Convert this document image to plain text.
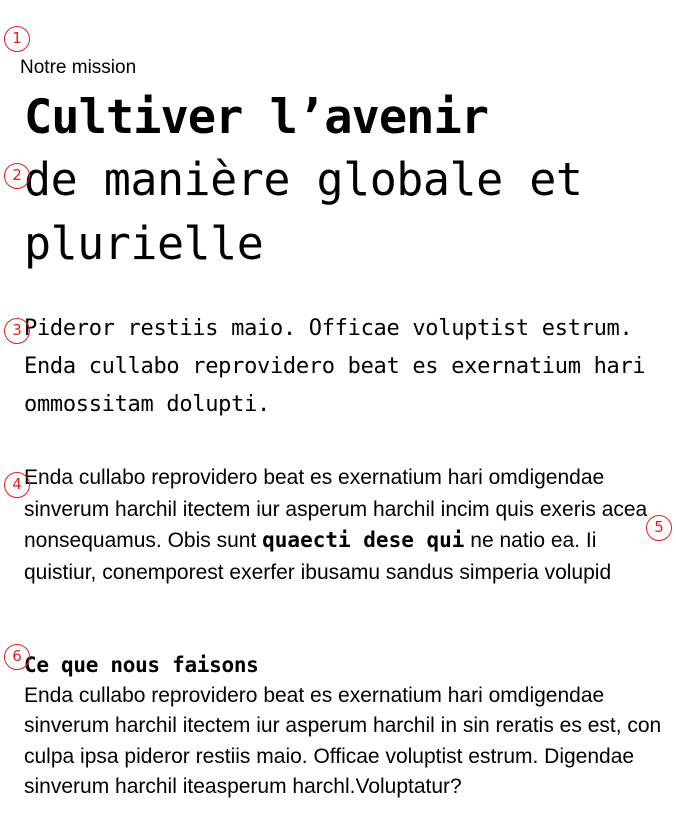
1
2
3
4
5
6

Notre mission

Cultiver l’avenir
de manière globale et plurielle

Pideror restiis maio. Officae voluptist estrum. Enda cullabo reprovidero beat es exernatium hari ommossitam dolupti.

Enda cullabo reprovidero beat es exernatium hari omdigendae sinverum harchil itectem iur asperum harchil incim quis exeris acea nonsequamus. Obis sunt quaecti dese qui ne natio ea. Ii quistiur, conemporest exerfer ibusamu sandus simperia volupid

Ce que nous faisons

Enda cullabo reprovidero beat es exernatium hari omdigendae sinverum harchil itectem iur asperum harchil in sin reratis es est, con culpa ipsa pideror restiis maio. Officae voluptist estrum. Digendae sinverum harchil iteasperum harchl.Voluptatur?
